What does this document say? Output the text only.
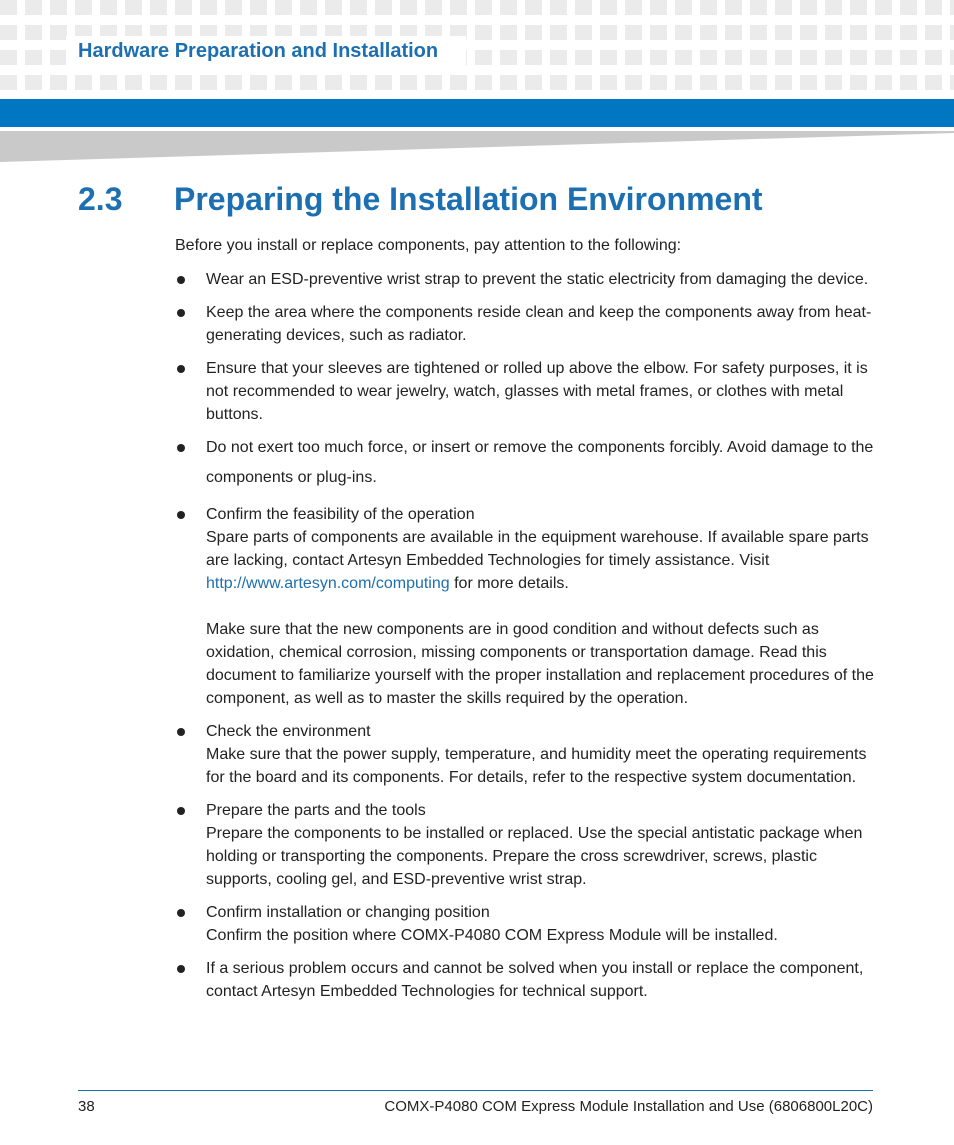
Hardware Preparation and Installation
2.3 Preparing the Installation Environment
Before you install or replace components, pay attention to the following:
Wear an ESD-preventive wrist strap to prevent the static electricity from damaging the device.
Keep the area where the components reside clean and keep the components away from heat-generating devices, such as radiator.
Ensure that your sleeves are tightened or rolled up above the elbow. For safety purposes, it is not recommended to wear jewelry, watch, glasses with metal frames, or clothes with metal buttons.
Do not exert too much force, or insert or remove the components forcibly. Avoid damage to the components or plug-ins.
Confirm the feasibility of the operation
Spare parts of components are available in the equipment warehouse. If available spare parts are lacking, contact Artesyn Embedded Technologies for timely assistance. Visit http://www.artesyn.com/computing for more details.
Make sure that the new components are in good condition and without defects such as oxidation, chemical corrosion, missing components or transportation damage. Read this document to familiarize yourself with the proper installation and replacement procedures of the component, as well as to master the skills required by the operation.
Check the environment
Make sure that the power supply, temperature, and humidity meet the operating requirements for the board and its components. For details, refer to the respective system documentation.
Prepare the parts and the tools
Prepare the components to be installed or replaced. Use the special antistatic package when holding or transporting the components. Prepare the cross screwdriver, screws, plastic supports, cooling gel, and ESD-preventive wrist strap.
Confirm installation or changing position
Confirm the position where COMX-P4080 COM Express Module will be installed.
If a serious problem occurs and cannot be solved when you install or replace the component, contact Artesyn Embedded Technologies for technical support.
38	COMX-P4080 COM Express Module Installation and Use (6806800L20C)
